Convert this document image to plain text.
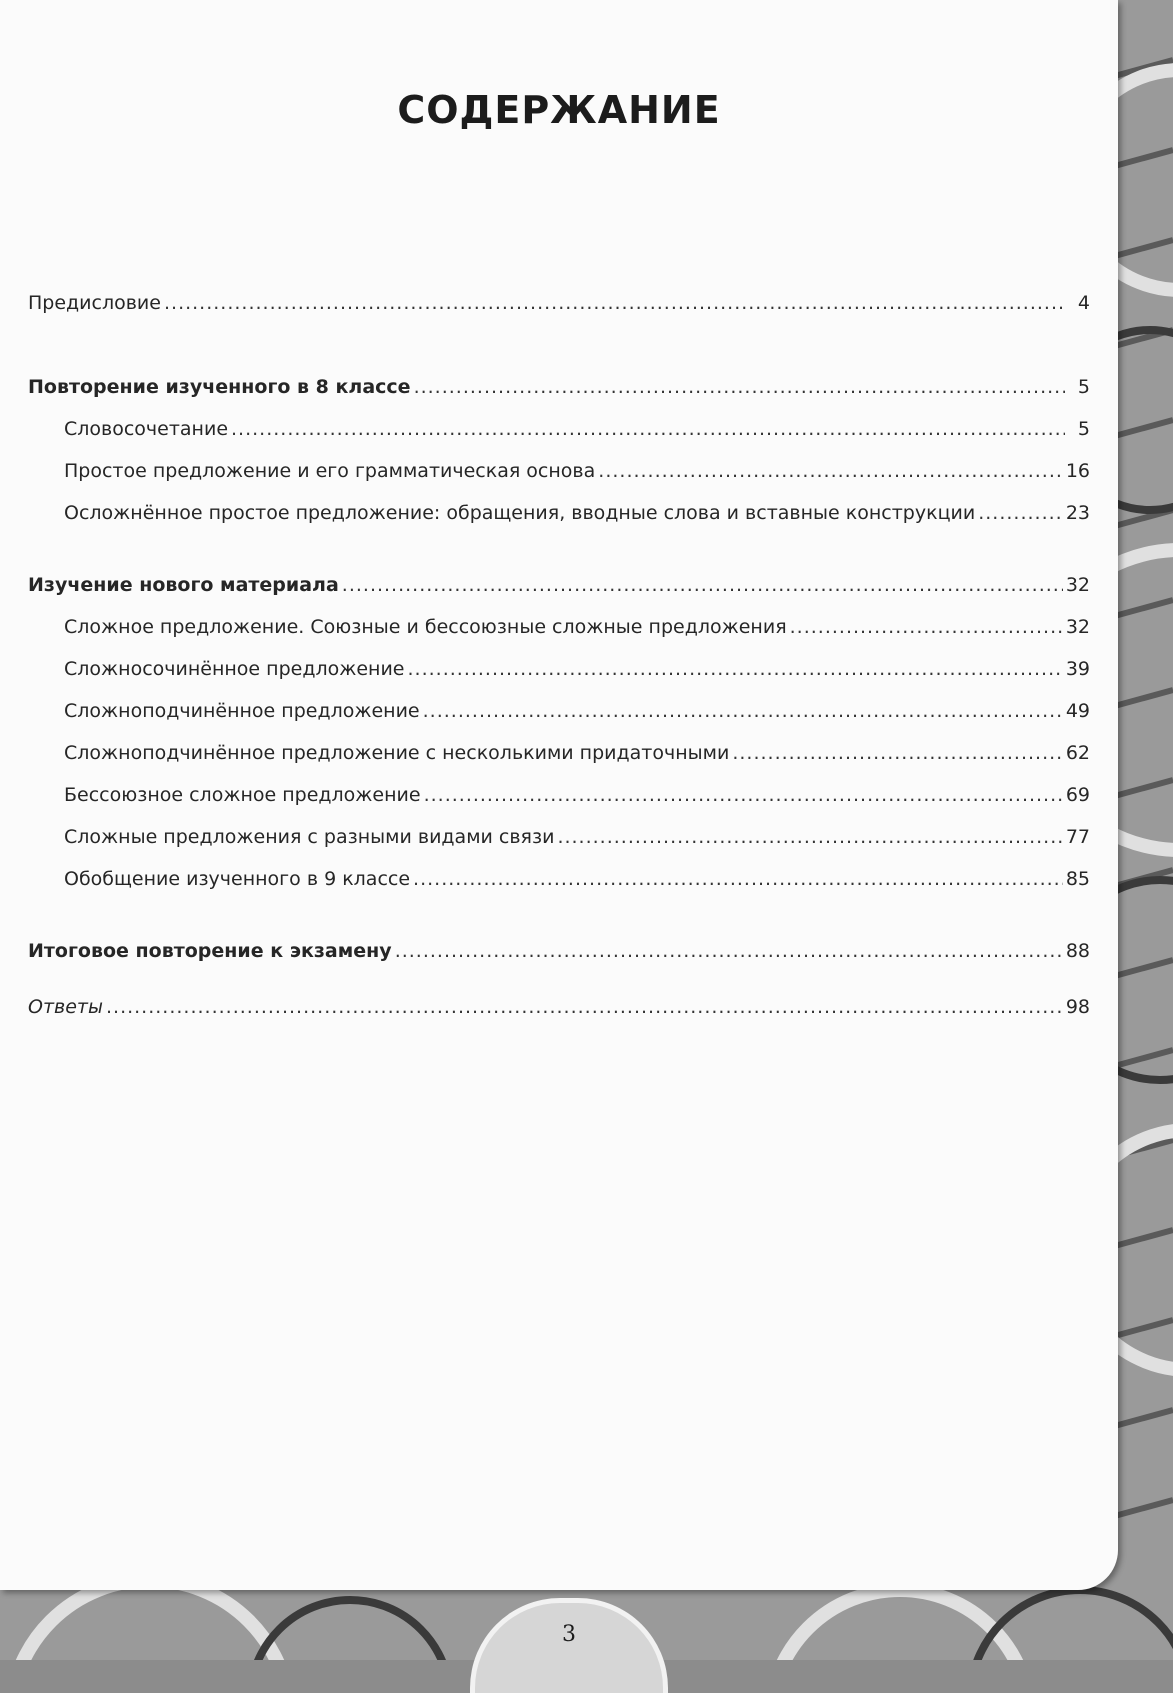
СОДЕРЖАНИЕ
Предисловие .....	4
Повторение изученного в 8 классе .....	5
Словосочетание .....	5
Простое предложение и его грамматическая основа .....	16
Осложнённое простое предложение: обращения, вводные слова и вставные конструкции .....	23
Изучение нового материала .....	32
Сложное предложение. Союзные и бессоюзные сложные предложения .....	32
Сложносочинённое предложение .....	39
Сложноподчинённое предложение .....	49
Сложноподчинённое предложение с несколькими придаточными .....	62
Бессоюзное сложное предложение .....	69
Сложные предложения с разными видами связи .....	77
Обобщение изученного в 9 классе .....	85
Итоговое повторение к экзамену .....	88
Ответы .....	98
3
